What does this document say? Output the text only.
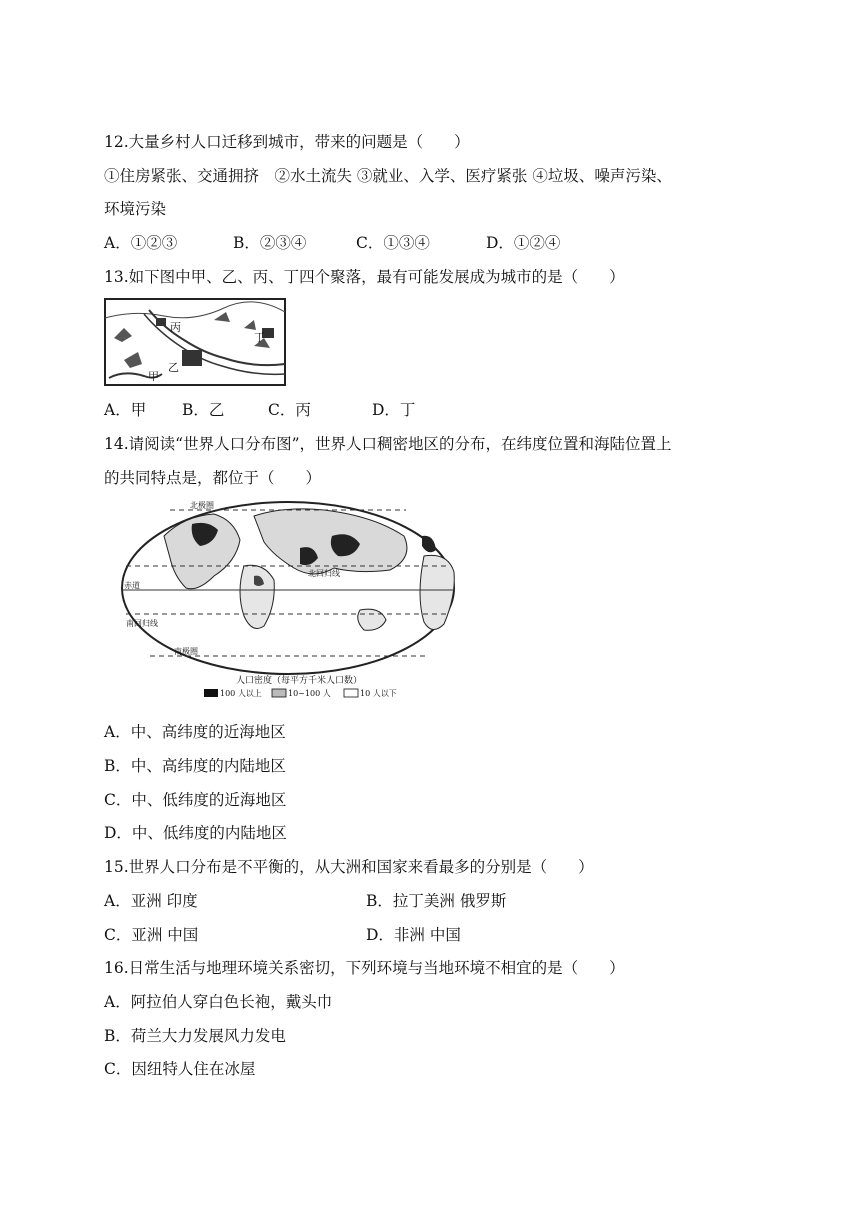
12.大量乡村人口迁移到城市，带来的问题是（　　）
①住房紧张、交通拥挤　②水土流失 ③就业、入学、医疗紧张 ④垃圾、噪声污染、
环境污染
A．①②③	B．②③④	C．①③④	D．①②④
13.如下图中甲、乙、丙、丁四个聚落，最有可能发展成为城市的是（　　）
丙
丁
乙
甲
A．甲 B．乙	C．丙	D．丁
14.请阅读“世界人口分布图”，世界人口稠密地区的分布，在纬度位置和海陆位置上
的共同特点是，都位于（　　）
北回归线
赤道
南回归线
南极圈
北极圈
人口密度（每平方千米人口数）
100 人以上	10~100 人	10 人以下
A．中、高纬度的近海地区
B．中、高纬度的内陆地区
C．中、低纬度的近海地区
D．中、低纬度的内陆地区
15.世界人口分布是不平衡的，从大洲和国家来看最多的分别是（　　）
A．亚洲 印度	B．拉丁美洲 俄罗斯
C．亚洲 中国	D．非洲 中国
16.日常生活与地理环境关系密切，下列环境与当地环境不相宜的是（　　）
A．阿拉伯人穿白色长袍，戴头巾
B．荷兰大力发展风力发电
C．因纽特人住在冰屋
